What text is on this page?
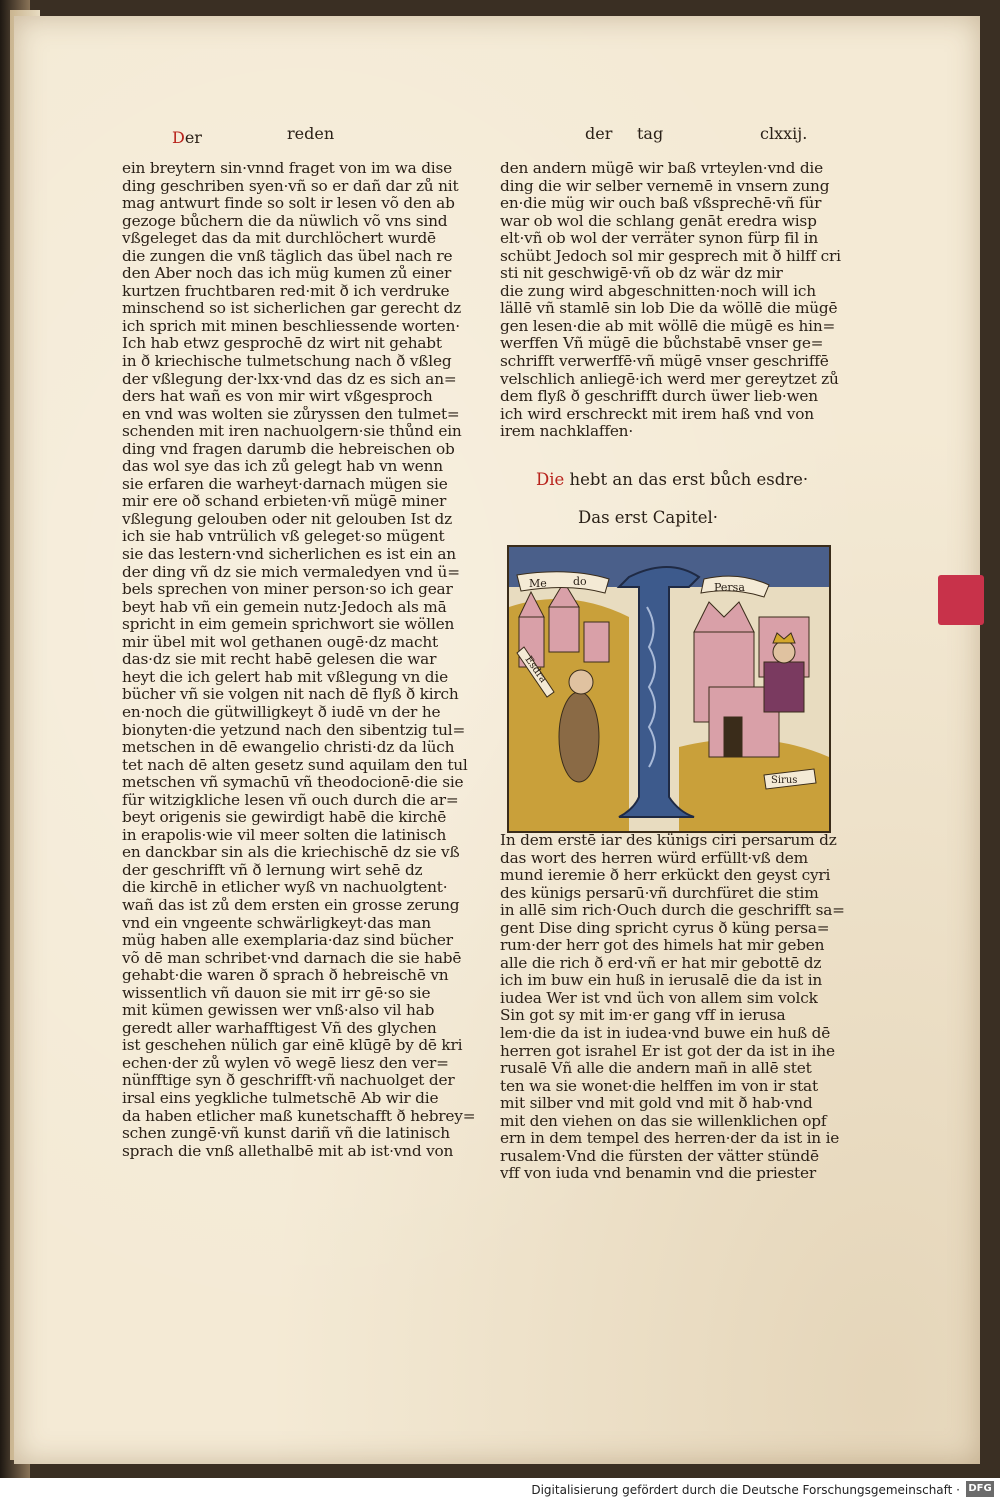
Der	reden	der tag	clxxij.
ein breytern sin·vnnd fraget von im wa dise
ding geschriben syen·vñ so er dañ dar zů nit
mag antwurt finde so solt ir lesen võ den ab
gezoge bůchern die da nüwlich võ vns sind
vßgeleget das da mit durchlöchert wurdē
die zungen die vnß täglich das übel nach re
den Aber noch das ich müg kumen zů einer
kurtzen fruchtbaren red·mit ð ich verdruke
minschend so ist sicherlichen gar gerecht dz
ich sprich mit minen beschliessende worten·
Ich hab etwz gesprochē dz wirt nit gehabt
in ð kriechische tulmetschung nach ð vßleg
der vßlegung der·lxx·vnd das dz es sich an=
ders hat wañ es von mir wirt vßgesproch
en vnd was wolten sie zůryssen den tulmet=
schenden mit iren nachuolgern·sie thůnd ein
ding vnd fragen darumb die hebreischen ob
das wol sye das ich zů gelegt hab vn wenn
sie erfaren die warheyt·darnach mügen sie
mir ere oð schand erbieten·vñ mügē miner
vßlegung gelouben oder nit gelouben Ist dz
ich sie hab vntrülich vß geleget·so mügent
sie das lestern·vnd sicherlichen es ist ein an
der ding vñ dz sie mich vermaledyen vnd ü=
bels sprechen von miner person·so ich gear
beyt hab vñ ein gemein nutz·Jedoch als mā
spricht in eim gemein sprichwort sie wöllen
mir übel mit wol gethanen ougē·dz macht
das·dz sie mit recht habē gelesen die war
heyt die ich gelert hab mit vßlegung vn die
bücher vñ sie volgen nit nach dē flyß ð kirch
en·noch die gütwilligkeyt ð iudē vn der he
bionyten·die yetzund nach den sibentzig tul=
metschen in dē ewangelio christi·dz da lüch
tet nach dē alten gesetz sund aquilam den tul
metschen vñ symachū vñ theodocionē·die sie
für witzigkliche lesen vñ ouch durch die ar=
beyt origenis sie gewirdigt habē die kirchē
in erapolis·wie vil meer solten die latinisch
en danckbar sin als die kriechischē dz sie vß
der geschrifft vñ ð lernung wirt sehē dz
die kirchē in etlicher wyß vn nachuolgtent·
wañ das ist zů dem ersten ein grosse zerung
vnd ein vngeente schwärligkeyt·das man
müg haben alle exemplaria·daz sind bücher
võ dē man schribet·vnd darnach die sie habē
gehabt·die waren ð sprach ð hebreischē vn
wissentlich vñ dauon sie mit irr gē·so sie
mit kümen gewissen wer vnß·also vil hab
geredt aller warhafftigest Vñ des glychen
ist geschehen nülich gar einē klūgē by dē kri
echen·der zů wylen vō wegē liesz den ver=
nünfftige syn ð geschrifft·vñ nachuolget der
irsal eins yegkliche tulmetschē Ab wir die
da haben etlicher maß kunetschafft ð hebrey=
schen zungē·vñ kunst dariñ vñ die latinisch
sprach die vnß allethalbē mit ab ist·vnd von
den andern mügē wir baß vrteylen·vnd die
ding die wir selber vernemē in vnsern zung
en·die müg wir ouch baß vßsprechē·vñ für
war ob wol die schlang genāt eredra wisp
elt·vñ ob wol der verräter synon fürp fil in
schübt Jedoch sol mir gesprech mit ð hilff cri
sti nit geschwigē·vñ ob dz wär dz mir
die zung wird abgeschnitten·noch will ich
lällē vñ stamlē sin lob Die da wöllē die mügē
gen lesen·die ab mit wöllē die mügē es hin=
werffen Vñ mügē die bůchstabē vnser ge=
schrifft verwerffē·vñ mügē vnser geschriffē
velschlich anliegē·ich werd mer gereytzet zů
dem flyß ð geschrifft durch üwer lieb·wen
ich wird erschreckt mit irem haß vnd von
irem nachklaffen·
Die hebt an das erst bůch esdre·
Das erst Capitel·
Me do	Persa
Esdra
Sirus
In dem erstē iar des künigs ciri persarum dz
das wort des herren würd erfüllt·vß dem
mund ieremie ð herr erkückt den geyst cyri
des künigs persarū·vñ durchfüret die stim
in allē sim rich·Ouch durch die geschrifft sa=
gent Dise ding spricht cyrus ð küng persa=
rum·der herr got des himels hat mir geben
alle die rich ð erd·vñ er hat mir gebottē dz
ich im buw ein huß in ierusalē die da ist in
iudea Wer ist vnd üch von allem sim volck
Sin got sy mit im·er gang vff in ierusa
lem·die da ist in iudea·vnd buwe ein huß dē
herren got israhel Er ist got der da ist in ihe
rusalē Vñ alle die andern mañ in allē stet
ten wa sie wonet·die helffen im von ir stat
mit silber vnd mit gold vnd mit ð hab·vnd
mit den viehen on das sie willenklichen opf
ern in dem tempel des herren·der da ist in ie
rusalem·Vnd die fürsten der vätter stündē
vff von iuda vnd benamin vnd die priester
Digitalisierung gefördert durch die Deutsche Forschungsgemeinschaft · DFG
